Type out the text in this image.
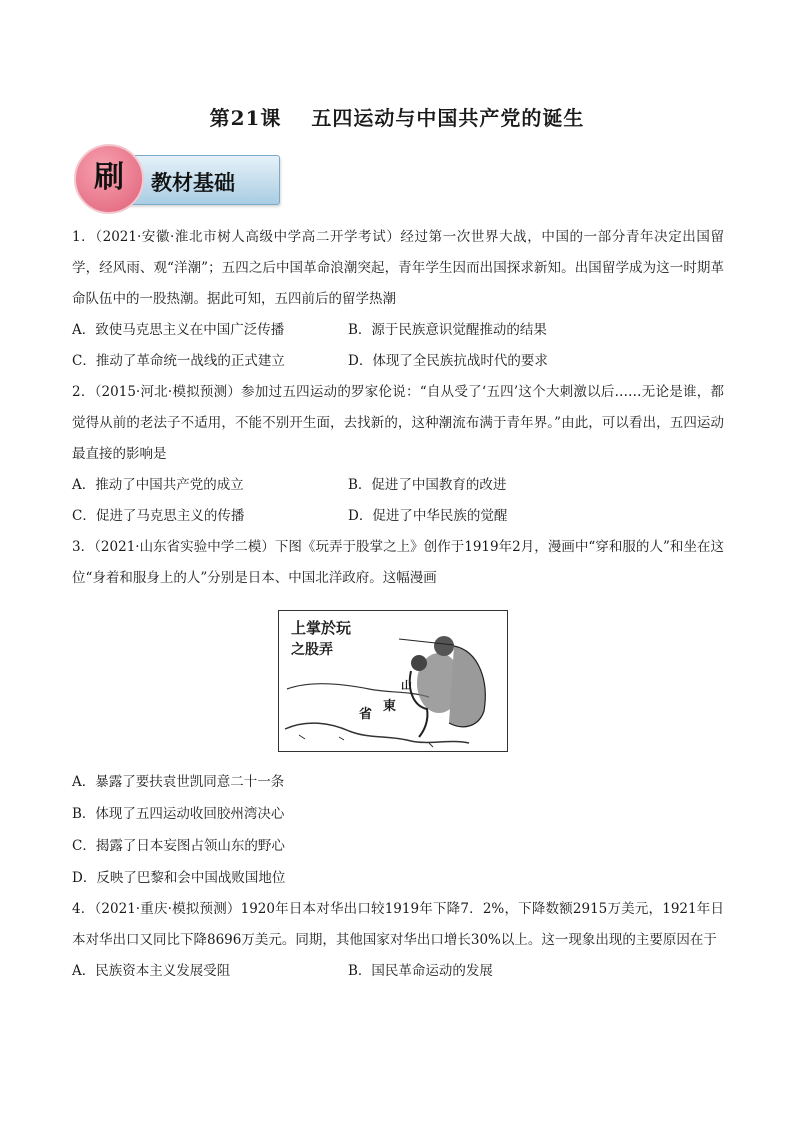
第21课 五四运动与中国共产党的诞生
教材基础
刷

1．（2021·安徽·淮北市树人高级中学高二开学考试）经过第一次世界大战，中国的一部分青年决定出国留学，经风雨、观“洋潮”；五四之后中国革命浪潮突起，青年学生因而出国探求新知。出国留学成为这一时期革命队伍中的一股热潮。据此可知，五四前后的留学热潮

A．致使马克思主义在中国广泛传播	B．源于民族意识觉醒推动的结果
C．推动了革命统一战线的正式建立	D．体现了全民族抗战时代的要求

2．（2015·河北·模拟预测）参加过五四运动的罗家伦说：“自从受了‘五四’这个大刺激以后……无论是谁，都觉得从前的老法子不适用，不能不别开生面，去找新的，这种潮流布满于青年界。”由此，可以看出，五四运动最直接的影响是

A．推动了中国共产党的成立	B．促进了中国教育的改进
C．促进了马克思主义的传播	D．促进了中华民族的觉醒

3．（2021·山东省实验中学二模）下图《玩弄于股掌之上》创作于1919年2月，漫画中“穿和服的人”和坐在这位“身着和服身上的人”分别是日本、中国北洋政府。这幅漫画

上掌於玩
之股弄
省
東
山
A．暴露了要扶袁世凯同意二十一条
B．体现了五四运动收回胶州湾决心
C．揭露了日本妄图占领山东的野心
D．反映了巴黎和会中国战败国地位

4．（2021·重庆·模拟预测）1920年日本对华出口较1919年下降7．2%，下降数额2915万美元，1921年日本对华出口又同比下降8696万美元。同期，其他国家对华出口增长30%以上。这一现象出现的主要原因在于

A．民族资本主义发展受阻	B．国民革命运动的发展
